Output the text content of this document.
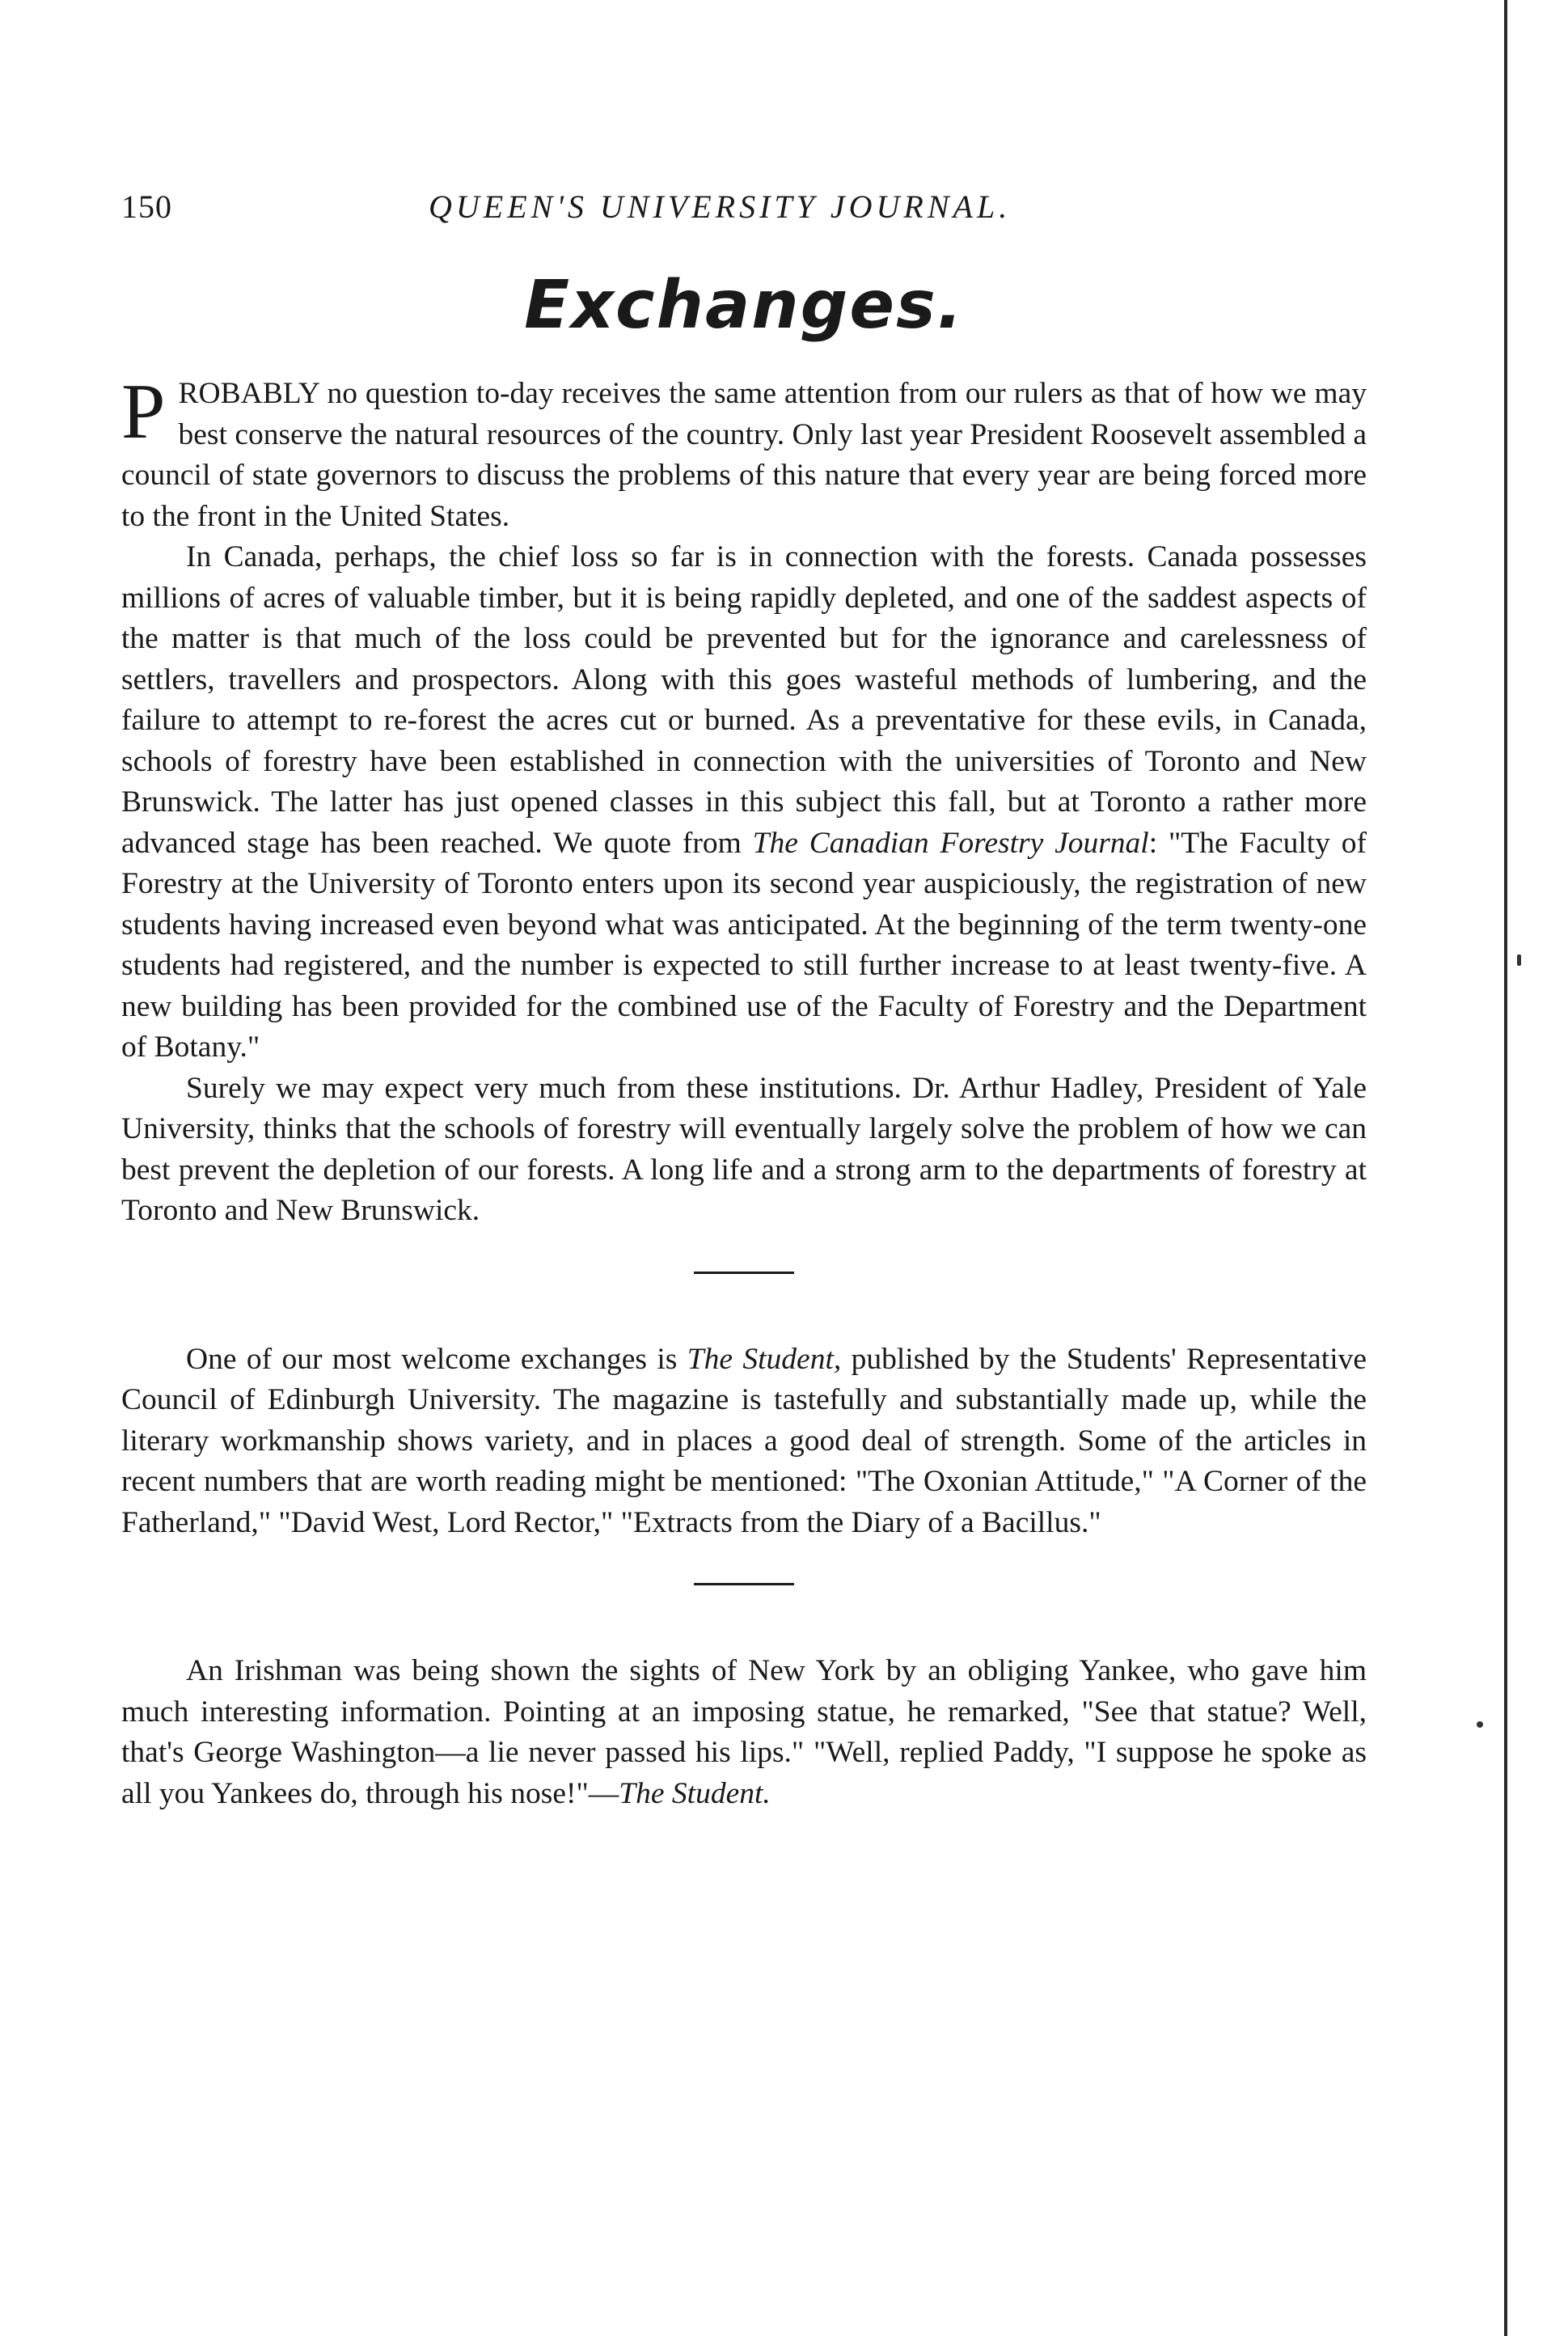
150	QUEEN'S UNIVERSITY JOURNAL.
Exchanges.

PROBABLY no question to-day receives the same attention from our rulers as that of how we may best conserve the natural resources of the country. Only last year President Roosevelt assembled a council of state governors to discuss the problems of this nature that every year are being forced more to the front in the United States.

In Canada, perhaps, the chief loss so far is in connection with the forests. Canada possesses millions of acres of valuable timber, but it is being rapidly depleted, and one of the saddest aspects of the matter is that much of the loss could be prevented but for the ignorance and carelessness of settlers, travellers and prospectors. Along with this goes wasteful methods of lumbering, and the failure to attempt to re-forest the acres cut or burned. As a preventative for these evils, in Canada, schools of forestry have been established in connection with the universities of Toronto and New Brunswick. The latter has just opened classes in this subject this fall, but at Toronto a rather more advanced stage has been reached. We quote from The Canadian Forestry Journal: "The Faculty of Forestry at the University of Toronto enters upon its second year auspiciously, the registration of new students having increased even beyond what was anticipated. At the beginning of the term twenty-one students had registered, and the number is expected to still further increase to at least twenty-five. A new building has been provided for the combined use of the Faculty of Forestry and the Department of Botany."

Surely we may expect very much from these institutions. Dr. Arthur Hadley, President of Yale University, thinks that the schools of forestry will eventually largely solve the problem of how we can best prevent the depletion of our forests. A long life and a strong arm to the departments of forestry at Toronto and New Brunswick.

One of our most welcome exchanges is The Student, published by the Students' Representative Council of Edinburgh University. The magazine is tastefully and substantially made up, while the literary workmanship shows variety, and in places a good deal of strength. Some of the articles in recent numbers that are worth reading might be mentioned: "The Oxonian Attitude," "A Corner of the Fatherland," "David West, Lord Rector," "Extracts from the Diary of a Bacillus."

An Irishman was being shown the sights of New York by an obliging Yankee, who gave him much interesting information. Pointing at an imposing statue, he remarked, "See that statue? Well, that's George Washington—a lie never passed his lips." "Well, replied Paddy, "I suppose he spoke as all you Yankees do, through his nose!"—The Student.
